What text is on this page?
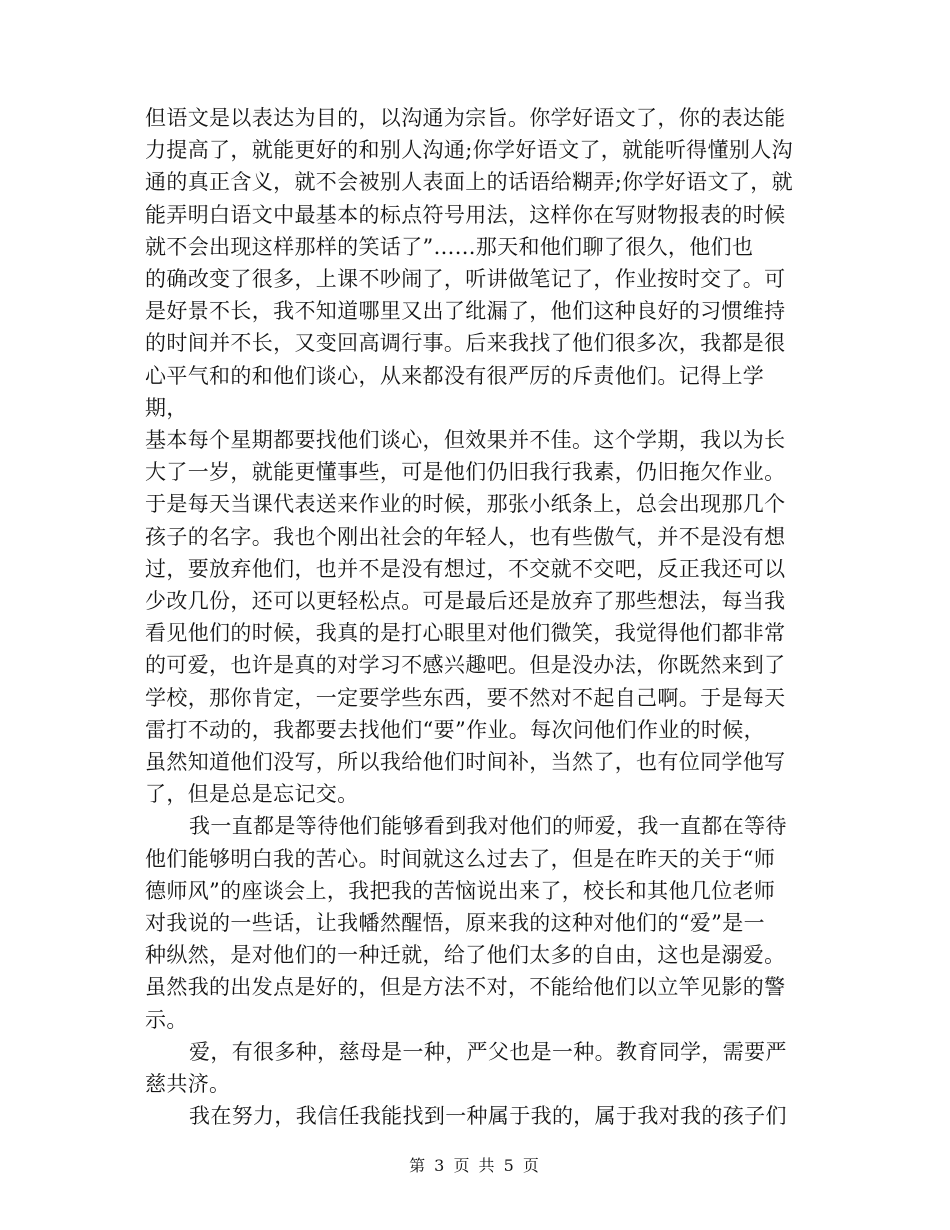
但语文是以表达为目的，以沟通为宗旨。你学好语文了，你的表达能
力提高了，就能更好的和别人沟通;你学好语文了，就能听得懂别人沟
通的真正含义，就不会被别人表面上的话语给糊弄;你学好语文了，就
能弄明白语文中最基本的标点符号用法，这样你在写财物报表的时候
就不会出现这样那样的笑话了”......那天和他们聊了很久，他们也
的确改变了很多，上课不吵闹了，听讲做笔记了，作业按时交了。可
是好景不长，我不知道哪里又出了纰漏了，他们这种良好的习惯维持
的时间并不长，又变回高调行事。后来我找了他们很多次，我都是很
心平气和的和他们谈心，从来都没有很严厉的斥责他们。记得上学期，
基本每个星期都要找他们谈心，但效果并不佳。这个学期，我以为长
大了一岁，就能更懂事些，可是他们仍旧我行我素，仍旧拖欠作业。
于是每天当课代表送来作业的时候，那张小纸条上，总会出现那几个
孩子的名字。我也个刚出社会的年轻人，也有些傲气，并不是没有想
过，要放弃他们，也并不是没有想过，不交就不交吧，反正我还可以
少改几份，还可以更轻松点。可是最后还是放弃了那些想法，每当我
看见他们的时候，我真的是打心眼里对他们微笑，我觉得他们都非常
的可爱，也许是真的对学习不感兴趣吧。但是没办法，你既然来到了
学校，那你肯定，一定要学些东西，要不然对不起自己啊。于是每天
雷打不动的，我都要去找他们“要”作业。每次问他们作业的时候，
虽然知道他们没写，所以我给他们时间补，当然了，也有位同学他写
了，但是总是忘记交。

我一直都是等待他们能够看到我对他们的师爱，我一直都在等待
他们能够明白我的苦心。时间就这么过去了，但是在昨天的关于“师
德师风”的座谈会上，我把我的苦恼说出来了，校长和其他几位老师
对我说的一些话，让我幡然醒悟，原来我的这种对他们的“爱”是一
种纵然，是对他们的一种迁就，给了他们太多的自由，这也是溺爱。
虽然我的出发点是好的，但是方法不对，不能给他们以立竿见影的警
示。

爱，有很多种，慈母是一种，严父也是一种。教育同学，需要严
慈共济。

我在努力，我信任我能找到一种属于我的，属于我对我的孩子们

第 3 页 共 5 页
